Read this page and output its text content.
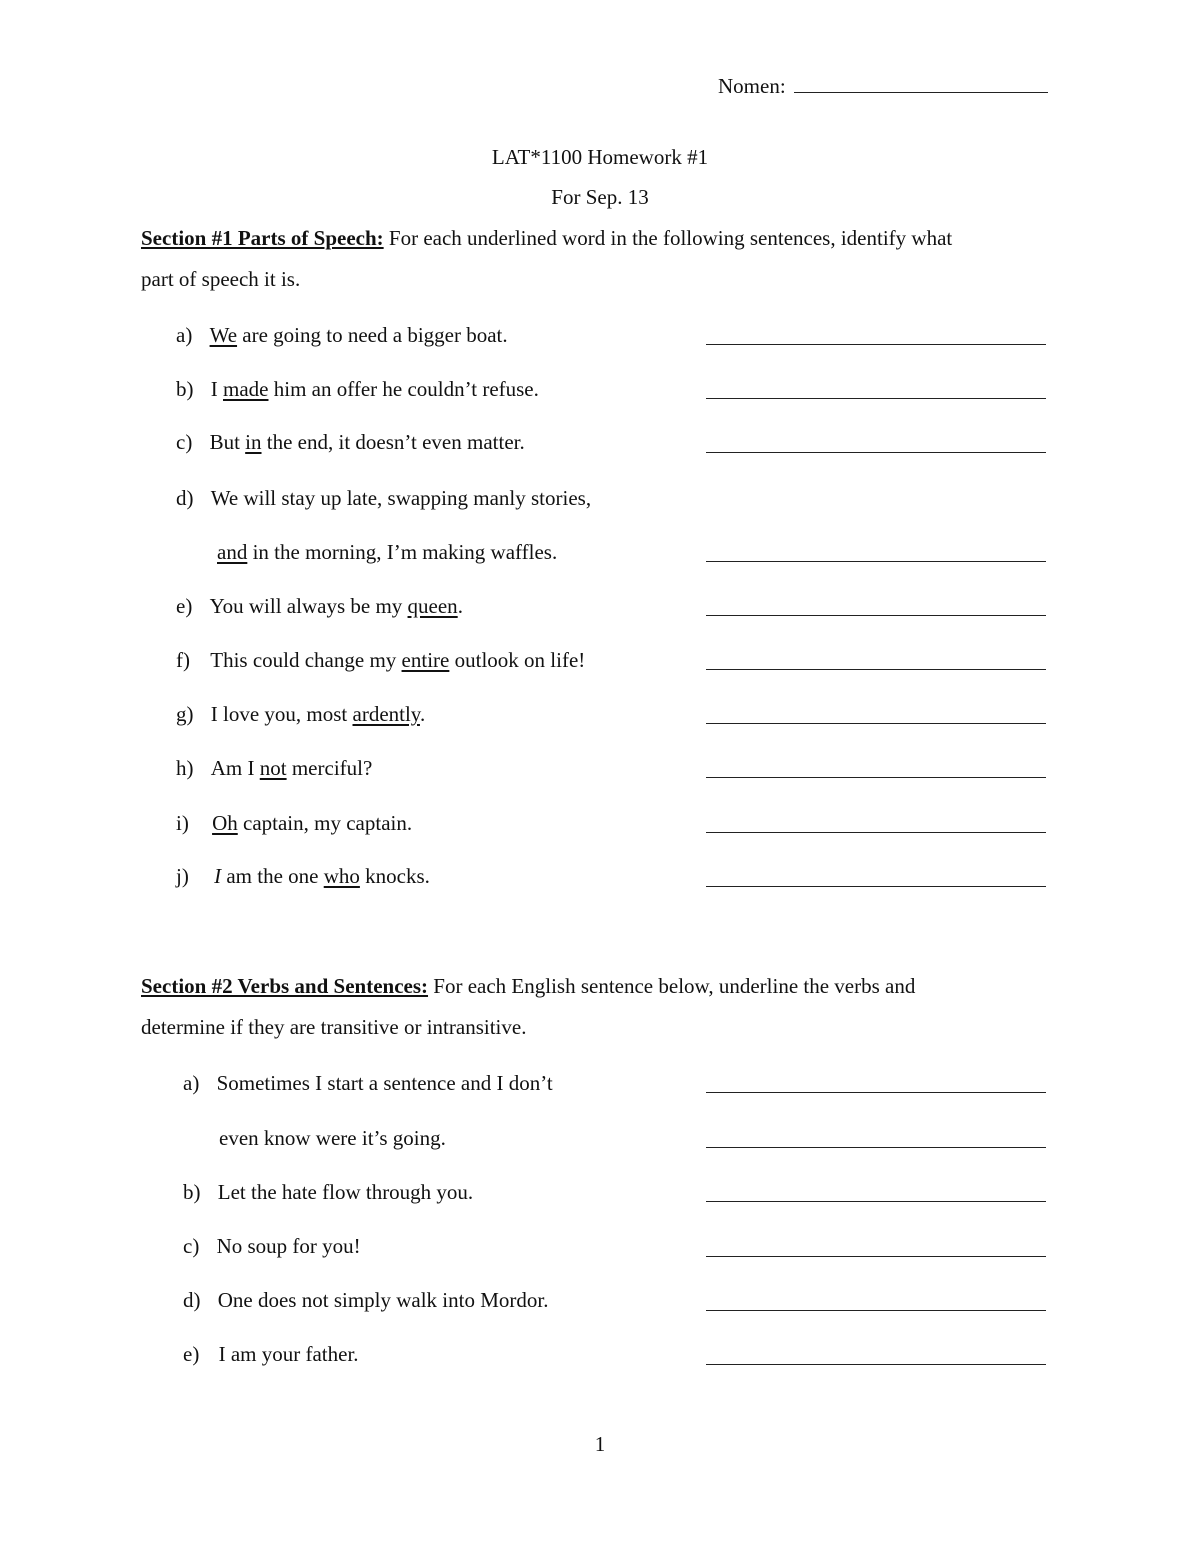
Nomen:
LAT*1100 Homework #1
For Sep. 13
Section #1 Parts of Speech: For each underlined word in the following sentences, identify what
part of speech it is.
a) We are going to need a bigger boat.
b) I made him an offer he couldn’t refuse.
c) But in the end, it doesn’t even matter.
d) We will stay up late, swapping manly stories,
and in the morning, I’m making waffles.
e) You will always be my queen.
f) This could change my entire outlook on life!
g) I love you, most ardently.
h) Am I not merciful?
i) Oh captain, my captain.
j) I am the one who knocks.
Section #2 Verbs and Sentences: For each English sentence below, underline the verbs and
determine if they are transitive or intransitive.
a) Sometimes I start a sentence and I don’t
even know were it’s going.
b) Let the hate flow through you.
c) No soup for you!
d) One does not simply walk into Mordor.
e) I am your father.
1
